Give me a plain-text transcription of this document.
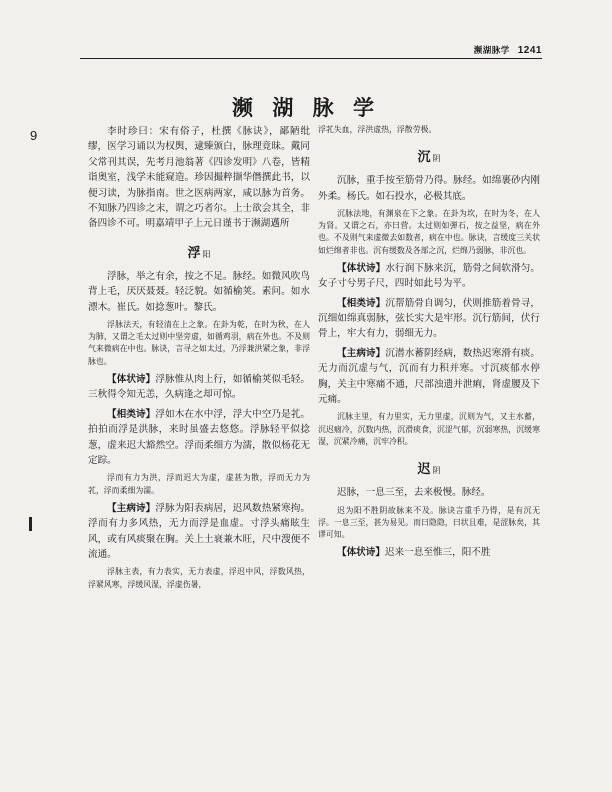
濒湖脉学 1241
濒 湖 脉 学
9	李时珍曰：宋有俗子，杜撰《脉诀》，鄙陋纰缪，医学习诵以为权舆，逮臻颁白，脉理竟昧。戴同父常刊其误，先考月池翁著《四诊发明》八卷，皆精诣奥室，浅学未能窥造。珍因撮粹撷华僭撰此书，以便习读，为脉指南。世之医病两家，咸以脉为首务。不知脉乃四诊之末，谓之巧者尔。上士欲会其全，非备四诊不可。明嘉靖甲子上元日谨书于濒湖邁所

浮阳

浮脉，举之有余，按之不足。脉经。如微风吹鸟背上毛，厌厌聂聂。轻泛貌。如循榆荚。素问。如水漂木。崔氏。如捻葱叶。黎氏。

浮脉法天，有轻清在上之象。在卦为乾，在时为秋，在人为肺，又谓之毛太过则中坚旁虚，如循鸡羽，病在外也。不及则气来微病在中也。脉诀，言寻之如太过，乃浮兼洪紧之象，非浮脉也。

【体状诗】浮脉惟从肉上行，如循榆荚似毛轻。三秋得令知无恙，久病逢之却可惊。

【相类诗】浮如木在水中浮，浮大中空乃是芤。拍拍而浮是洪脉，来时虽盛去悠悠。浮脉轻平似捻葱，虚来迟大豁然空。浮而柔细方为濡，散似杨花无定踪。

浮而有力为洪，浮而迟大为虚，虚甚为散，浮而无力为芤，浮而柔细为濡。

【主病诗】浮脉为阳表病居，迟风数热紧寒拘。浮而有力多风热，无力而浮是血虚。寸浮头痛眩生风，或有风痰聚在胸。关上土衰兼木旺，尺中溲便不流通。

浮脉主表，有力表实，无力表虚，浮迟中风，浮数风热，浮紧风寒，浮缓风湿，浮虚伤暑，

浮芤失血，浮洪虚热，浮散劳极。

沉阴

沉脉，重手按至筋骨乃得。脉经。如绵裹砂内刚外柔。杨氏。如石投水，必极其底。

沉脉法地，有渊泉在下之象。在卦为坎，在时为冬，在人为肾。又谓之石，亦曰营。太过则如弹石，按之益坚，病在外也。不及则气来虚微去如数者，病在中也。脉诀，言缓度三关状如烂绵者非也。沉有缓数及各部之沉，烂绵乃弱脉，非沉也。

【体状诗】水行润下脉来沉，筋骨之间软滑匀。女子寸兮男子尺，四时如此号为平。

【相类诗】沉帮筋骨自调匀，伏则推筋着骨寻，沉细如绵真弱脉，弦长实大是牢形。沉行筋间，伏行骨上，牢大有力，弱细无力。

【主病诗】沉潜水蓄阴经病，数热迟寒滑有痰。无力而沉虚与气，沉而有力积并寒。寸沉痰郁水停胸，关主中寒痛不通，尺部浊遗并泄痢，肾虚腰及下元痛。

沉脉主里，有力里实，无力里虚，沉则为气，又主水蓄，沉迟痼冷，沉数内热，沉滑痰食，沉涩气郁，沉弱寒热，沉缓寒湿，沉紧冷痛，沉牢冷积。

迟阴

迟脉，一息三至，去来极慢。脉经。

迟为阳不胜阴故脉来不及。脉诀言重手乃得，是有沉无浮。一息三至，甚为易见。而曰隐隐，曰状且难，是涩脉矣，其谬可知。

【体状诗】迟来一息至惟三，阳不胜
